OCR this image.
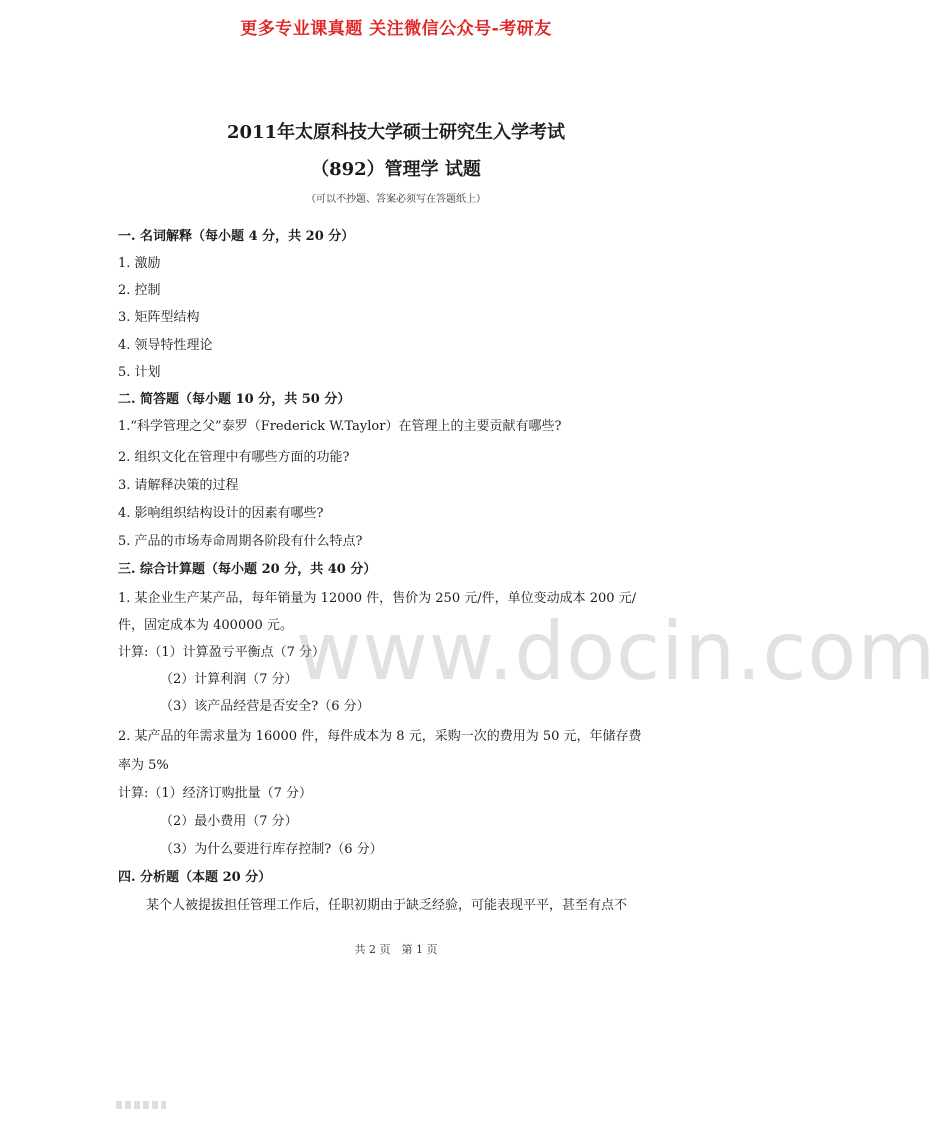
更多专业课真题 关注微信公众号-考研友
2011年太原科技大学硕士研究生入学考试
（892）管理学 试题
（可以不抄题、答案必须写在答题纸上）
一. 名词解释（每小题 4 分，共 20 分）
1. 激励
2. 控制
3. 矩阵型结构
4. 领导特性理论
5. 计划
二. 简答题（每小题 10 分，共 50 分）
1.“科学管理之父”泰罗（Frederick W.Taylor）在管理上的主要贡献有哪些?
2. 组织文化在管理中有哪些方面的功能?
3. 请解释决策的过程
4. 影响组织结构设计的因素有哪些?
5. 产品的市场寿命周期各阶段有什么特点?
三. 综合计算题（每小题 20 分，共 40 分）
1. 某企业生产某产品，每年销量为 12000 件，售价为 250 元/件，单位变动成本 200 元/
件，固定成本为 400000 元。
计算:（1）计算盈亏平衡点（7 分）
（2）计算利润（7 分）
（3）该产品经营是否安全?（6 分）
2. 某产品的年需求量为 16000 件，每件成本为 8 元，采购一次的费用为 50 元，年储存费
率为 5%
计算:（1）经济订购批量（7 分）
（2）最小费用（7 分）
（3）为什么要进行库存控制?（6 分）
四. 分析题（本题 20 分）
某个人被提拔担任管理工作后，任职初期由于缺乏经验，可能表现平平，甚至有点不
共 2 页　第 1 页
www.docin.com
